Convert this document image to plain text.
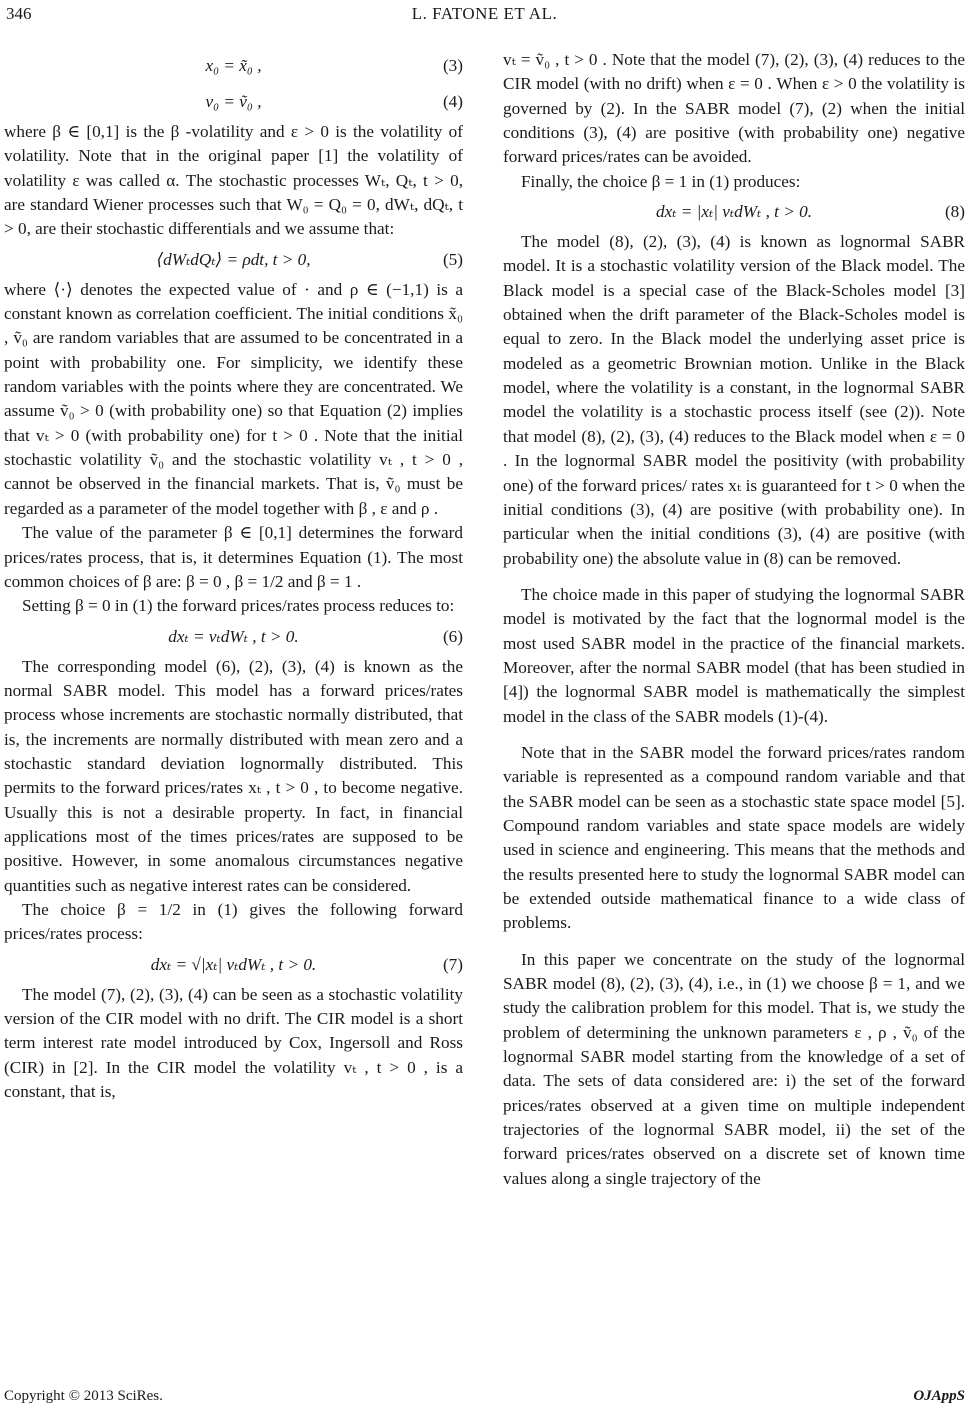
346	L. FATONE ET AL.
x₀ = x̃₀ ,	(3)
v₀ = ṽ₀ ,	(4)

where β ∈ [0,1] is the β -volatility and ε > 0 is the volatility of volatility. Note that in the original paper [1] the volatility of volatility ε was called α. The stochastic processes Wₜ, Qₜ, t > 0, are standard Wiener processes such that W₀ = Q₀ = 0, dWₜ, dQₜ, t > 0, are their stochastic differentials and we assume that:

⟨dWₜdQₜ⟩ = ρdt, t > 0,	(5)

where ⟨·⟩ denotes the expected value of · and ρ ∈ (−1,1) is a constant known as correlation coefficient. The initial conditions x̃₀ , ṽ₀ are random variables that are assumed to be concentrated in a point with probability one. For simplicity, we identify these random variables with the points where they are concentrated. We assume ṽ₀ > 0 (with probability one) so that Equation (2) implies that vₜ > 0 (with probability one) for t > 0 . Note that the initial stochastic volatility ṽ₀ and the stochastic volatility vₜ , t > 0 , cannot be observed in the financial markets. That is, ṽ₀ must be regarded as a parameter of the model together with β , ε and ρ .

The value of the parameter β ∈ [0,1] determines the forward prices/rates process, that is, it determines Equation (1). The most common choices of β are: β = 0 , β = 1/2 and β = 1 .

Setting β = 0 in (1) the forward prices/rates process reduces to:

dxₜ = vₜdWₜ , t > 0.	(6)

The corresponding model (6), (2), (3), (4) is known as the normal SABR model. This model has a forward prices/rates process whose increments are stochastic normally distributed, that is, the increments are normally distributed with mean zero and a stochastic standard deviation lognormally distributed. This permits to the forward prices/rates xₜ , t > 0 , to become negative. Usually this is not a desirable property. In fact, in financial applications most of the times prices/rates are supposed to be positive. However, in some anomalous circumstances negative quantities such as negative interest rates can be considered.

The choice β = 1/2 in (1) gives the following forward prices/rates process:

dxₜ = √|xₜ| vₜdWₜ , t > 0.	(7)

The model (7), (2), (3), (4) can be seen as a stochastic volatility version of the CIR model with no drift. The CIR model is a short term interest rate model introduced by Cox, Ingersoll and Ross (CIR) in [2]. In the CIR model the volatility vₜ , t > 0 , is a constant, that is,

vₜ = ṽ₀ , t > 0 . Note that the model (7), (2), (3), (4) reduces to the CIR model (with no drift) when ε = 0 . When ε > 0 the volatility is governed by (2). In the SABR model (7), (2) when the initial conditions (3), (4) are positive (with probability one) negative forward prices/rates can be avoided.

Finally, the choice β = 1 in (1) produces:

dxₜ = |xₜ| vₜdWₜ , t > 0.	(8)

The model (8), (2), (3), (4) is known as lognormal SABR model. It is a stochastic volatility version of the Black model. The Black model is a special case of the Black-Scholes model [3] obtained when the drift parameter of the Black-Scholes model is equal to zero. In the Black model the underlying asset price is modeled as a geometric Brownian motion. Unlike in the Black model, where the volatility is a constant, in the lognormal SABR model the volatility is a stochastic process itself (see (2)). Note that model (8), (2), (3), (4) reduces to the Black model when ε = 0 . In the lognormal SABR model the positivity (with probability one) of the forward prices/ rates xₜ is guaranteed for t > 0 when the initial conditions (3), (4) are positive (with probability one). In particular when the initial conditions (3), (4) are positive (with probability one) the absolute value in (8) can be removed.

The choice made in this paper of studying the lognormal SABR model is motivated by the fact that the lognormal model is the most used SABR model in the practice of the financial markets. Moreover, after the normal SABR model (that has been studied in [4]) the lognormal SABR model is mathematically the simplest model in the class of the SABR models (1)-(4).

Note that in the SABR model the forward prices/rates random variable is represented as a compound random variable and that the SABR model can be seen as a stochastic state space model [5]. Compound random variables and state space models are widely used in science and engineering. This means that the methods and the results presented here to study the lognormal SABR model can be extended outside mathematical finance to a wide class of problems.

In this paper we concentrate on the study of the lognormal SABR model (8), (2), (3), (4), i.e., in (1) we choose β = 1, and we study the calibration problem for this model. That is, we study the problem of determining the unknown parameters ε , ρ , ṽ₀ of the lognormal SABR model starting from the knowledge of a set of data. The sets of data considered are: i) the set of the forward prices/rates observed at a given time on multiple independent trajectories of the lognormal SABR model, ii) the set of the forward prices/rates observed on a discrete set of known time values along a single trajectory of the

Copyright © 2013 SciRes.	OJAppS
